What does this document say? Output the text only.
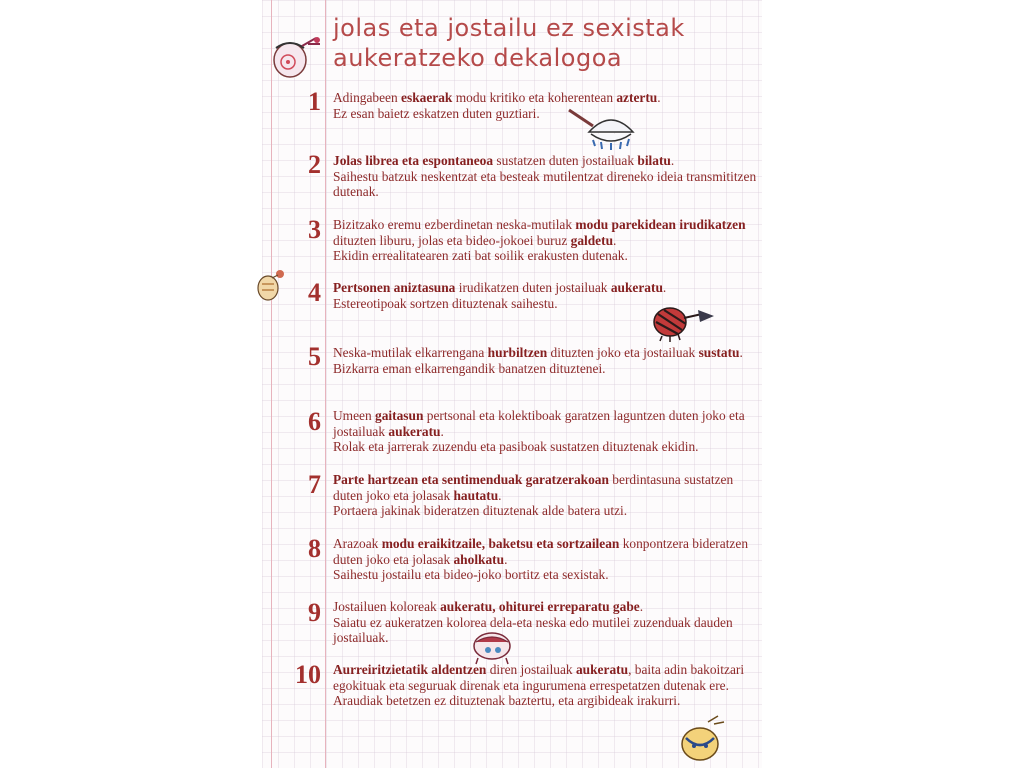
jolas eta jostailu ez sexistak
aukeratzeko dekalogoa
1
2
3
4
5
6
7
8
9
10

Adingabeen eskaerak modu kritiko eta koherentean aztertu.

Ez esan baietz eskatzen duten guztiari.

Jolas librea eta espontaneoa sustatzen duten jostailuak bilatu.

Saihestu batzuk neskentzat eta besteak mutilentzat direneko ideia transmititzen dutenak.

Bizitzako eremu ezberdinetan neska-mutilak modu parekidean irudikatzen dituzten liburu, jolas eta bideo-jokoei buruz galdetu.

Ekidin errealitatearen zati bat soilik erakusten dutenak.

Pertsonen aniztasuna irudikatzen duten jostailuak aukeratu.

Estereotipoak sortzen dituztenak saihestu.

Neska-mutilak elkarrengana hurbiltzen dituzten joko eta jostailuak sustatu.

Bizkarra eman elkarrengandik banatzen dituztenei.

Umeen gaitasun pertsonal eta kolektiboak garatzen laguntzen duten joko eta jostailuak aukeratu.

Rolak eta jarrerak zuzendu eta pasiboak sustatzen dituztenak ekidin.

Parte hartzean eta sentimenduak garatzerakoan berdintasuna sustatzen duten joko eta jolasak hautatu.

Portaera jakinak bideratzen dituztenak alde batera utzi.

Arazoak modu eraikitzaile, baketsu eta sortzailean konpontzera bideratzen duten joko eta jolasak aholkatu.

Saihestu jostailu eta bideo-joko bortitz eta sexistak.

Jostailuen koloreak aukeratu, ohiturei erreparatu gabe.

Saiatu ez aukeratzen kolorea dela-eta neska edo mutilei zuzenduak dauden jostailuak.

Aurreiritzietatik aldentzen diren jostailuak aukeratu, baita adin bakoitzari egokituak eta seguruak direnak eta ingurumena errespetatzen dutenak ere. Araudiak betetzen ez dituztenak baztertu, eta argibideak irakurri.
